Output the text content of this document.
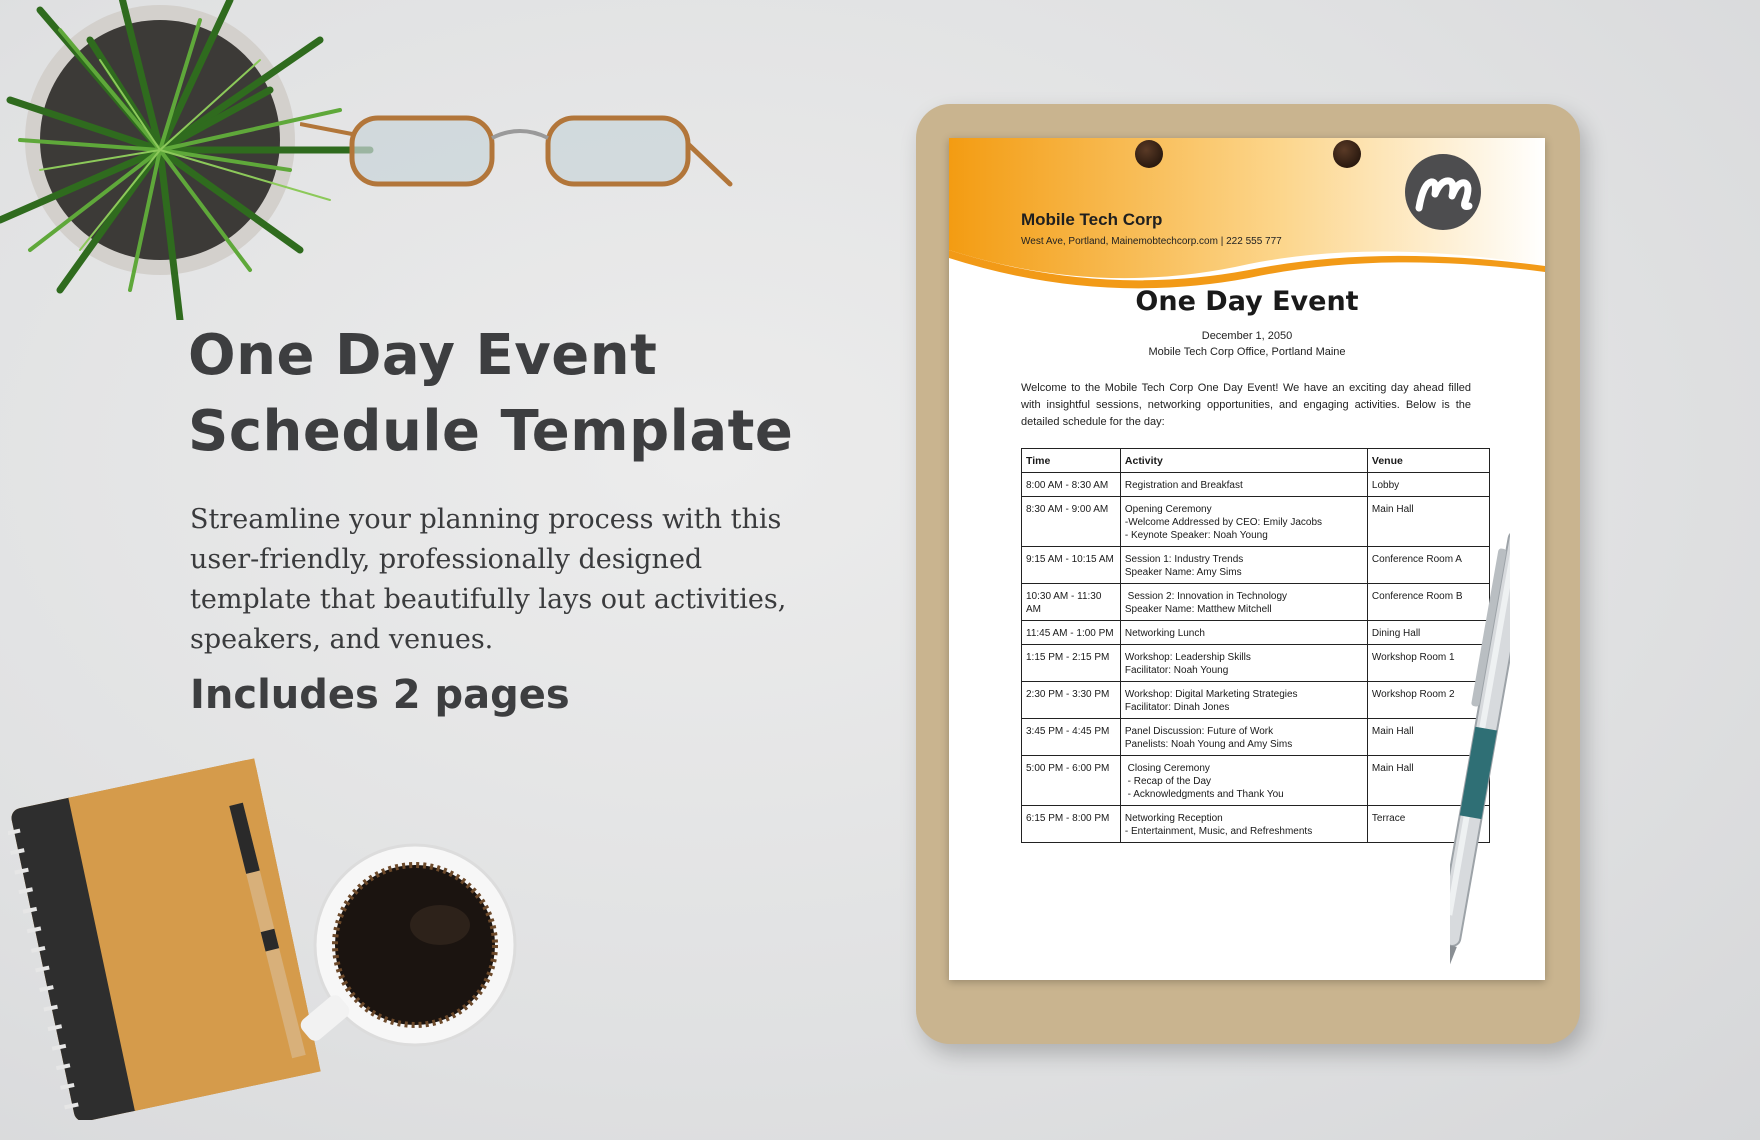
One Day Event
Schedule Template

Streamline your planning process with this user-friendly, professionally designed template that beautifully lays out activities, speakers, and venues.

Includes 2 pages

Mobile Tech Corp

West Ave, Portland, Mainemobtechcorp.com | 222 555 777

One Day Event

December 1, 2050

Mobile Tech Corp Office, Portland Maine

Welcome to the Mobile Tech Corp One Day Event! We have an exciting day ahead filled with insightful sessions, networking opportunities, and engaging activities. Below is the detailed schedule for the day:

Time	Activity	Venue
8:00 AM - 8:30 AM	Registration and Breakfast	Lobby
8:30 AM - 9:00 AM	Opening Ceremony
-Welcome Addressed by CEO: Emily Jacobs
- Keynote Speaker: Noah Young	Main Hall
9:15 AM - 10:15 AM	Session 1: Industry Trends
Speaker Name: Amy Sims	Conference Room A
10:30 AM - 11:30 AM	Session 2: Innovation in Technology
Speaker Name: Matthew Mitchell	Conference Room B
11:45 AM - 1:00 PM	Networking Lunch	Dining Hall
1:15 PM - 2:15 PM	Workshop: Leadership Skills
Facilitator: Noah Young	Workshop Room 1
2:30 PM - 3:30 PM	Workshop: Digital Marketing Strategies
Facilitator: Dinah Jones	Workshop Room 2
3:45 PM - 4:45 PM	Panel Discussion: Future of Work
Panelists: Noah Young and Amy Sims	Main Hall
5:00 PM - 6:00 PM	Closing Ceremony
- Recap of the Day
- Acknowledgments and Thank You	Main Hall
6:15 PM - 8:00 PM	Networking Reception
- Entertainment, Music, and Refreshments	Terrace
